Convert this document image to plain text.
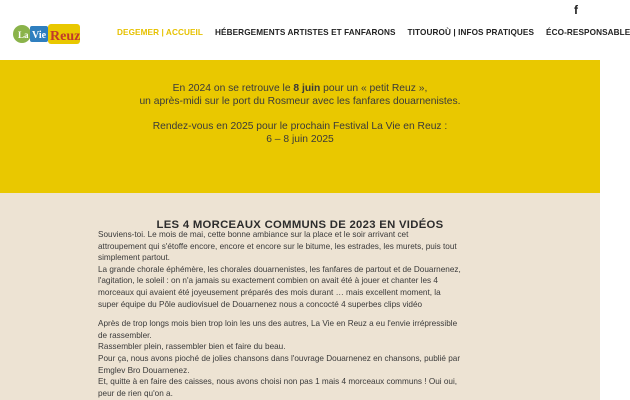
La Vie Reuz
f
DEGEMER | ACCUEIL HÉBERGEMENTS ARTISTES ET FANFARONS TITOUROÙ | INFOS PRATIQUES ÉCO-RESPONSABLE

En 2024 on se retrouve le 8 juin pour un « petit Reuz »,

un après-midi sur le port du Rosmeur avec les fanfares douarnenistes.

Rendez-vous en 2025 pour le prochain Festival La Vie en Reuz :

6 – 8 juin 2025

LES 4 MORCEAUX COMMUNS DE 2023 EN VIDÉOS

Souviens-toi. Le mois de mai, cette bonne ambiance sur la place et le soir arrivant cet

attroupement qui s'étoffe encore, encore et encore sur le bitume, les estrades, les murets, puis tout

simplement partout.

La grande chorale éphémère, les chorales douarnenistes, les fanfares de partout et de Douarnenez,

l'agitation, le soleil : on n'a jamais su exactement combien on avait été à jouer et chanter les 4

morceaux qui avaient été joyeusement préparés des mois durant … mais excellent moment, la

super équipe du Pôle audiovisuel de Douarnenez nous a concocté 4 superbes clips vidéo

Après de trop longs mois bien trop loin les uns des autres, La Vie en Reuz a eu l'envie irrépressible

de rassembler.

Rassembler plein, rassembler bien et faire du beau.

Pour ça, nous avons pioché de jolies chansons dans l'ouvrage Douarnenez en chansons, publié par

Emglev Bro Douarnenez.

Et, quitte à en faire des caisses, nous avons choisi non pas 1 mais 4 morceaux communs ! Oui oui,

peur de rien qu'on a.
